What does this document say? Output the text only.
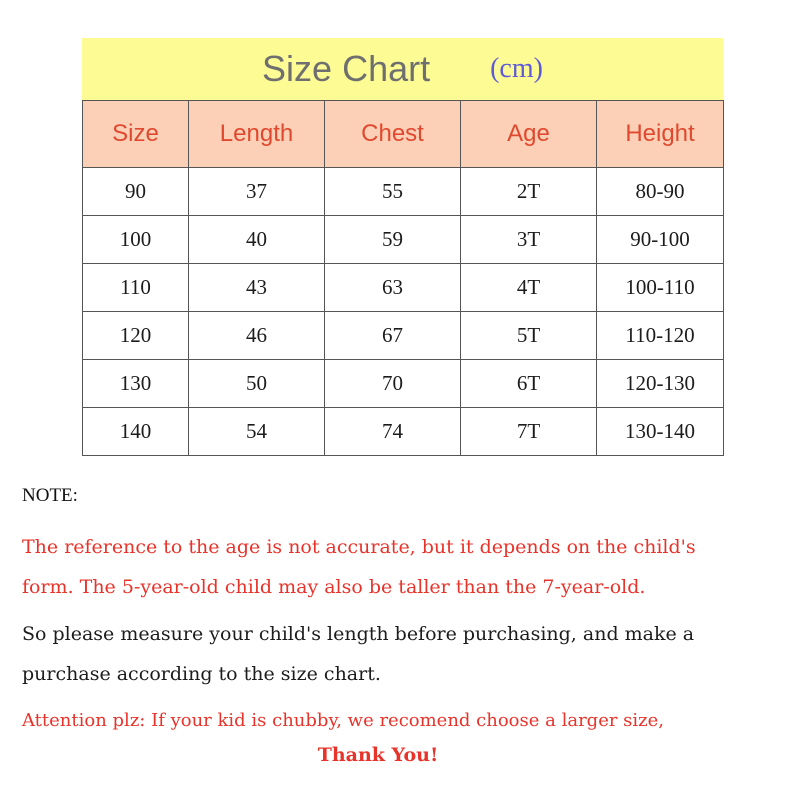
Size Chart	(cm)
Size	Length	Chest	Age	Height
90	37	55	2T	80-90
100	40	59	3T	90-100
110	43	63	4T	100-110
120	46	67	5T	110-120
130	50	70	6T	120-130
140	54	74	7T	130-140

NOTE:

The reference to the age is not accurate, but it depends on the child's

form. The 5-year-old child may also be taller than the 7-year-old.

So please measure your child's length before purchasing, and make a

purchase according to the size chart.

Attention plz: If your kid is chubby, we recomend choose a larger size,

Thank You!
